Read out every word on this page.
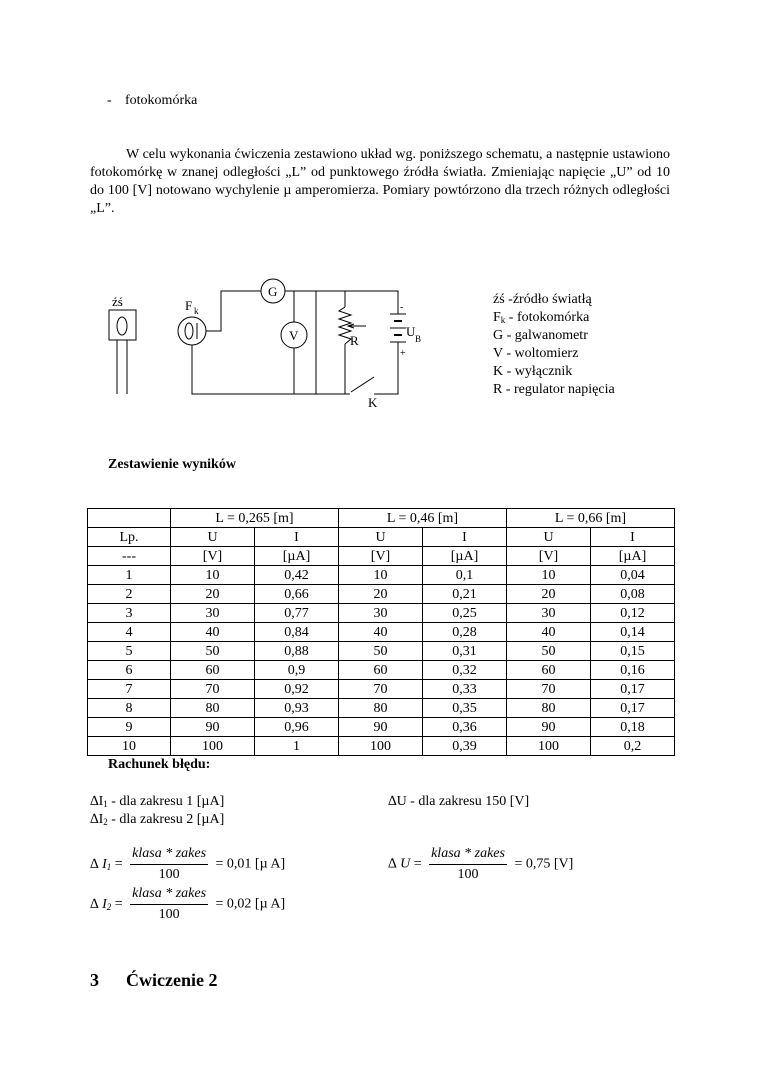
- fotokomórka

W celu wykonania ćwiczenia zestawiono układ wg. poniższego schematu, a następnie ustawiono fotokomórkę w znanej odległości „L” od punktowego źródła światła. Zmieniając napięcie „U” od 10 do 100 [V] notowano wychylenie µ amperomierza. Pomiary powtórzono dla trzech różnych odległości „L”.

źś	F k
G
V	R
U B
K
-
+
źś -źródło światłą
$F_k$ - fotokomórka
G - galwanometr
V - woltomierz
K - wyłącznik
R - regulator napięcia
Zestawienie wyników
	L = 0,265 [m]		L = 0,46 [m]		L = 0,66 [m]	
Lp.	U	I	U	I	U	I
---	[V]	[µA]	[V]	[µA]	[V]	[µA]
1	10	0,42	10	0,1	10	0,04
2	20	0,66	20	0,21	20	0,08
3	30	0,77	30	0,25	30	0,12
4	40	0,84	40	0,28	40	0,14
5	50	0,88	50	0,31	50	0,15
6	60	0,9	60	0,32	60	0,16
7	70	0,92	70	0,33	70	0,17
8	80	0,93	80	0,35	80	0,17
9	90	0,96	90	0,36	90	0,18
10	100	1	100	0,39	100	0,2
Rachunek błędu:
$\Delta I_1$ - dla zakresu 1 [µA]
$\Delta I_2$ - dla zakresu 2 [µA]
∆U - dla zakresu 150 [V]
∆ $I_1 = \frac{\text{klasa * zakes}}{100} = 0,01$ [µ A]
∆ $I_2 = \frac{\text{klasa * zakes}}{100} = 0,02$ [µ A]
∆ $U = \frac{\text{klasa * zakes}}{100} = 0,75$ [V]
3 Ćwiczenie 2
